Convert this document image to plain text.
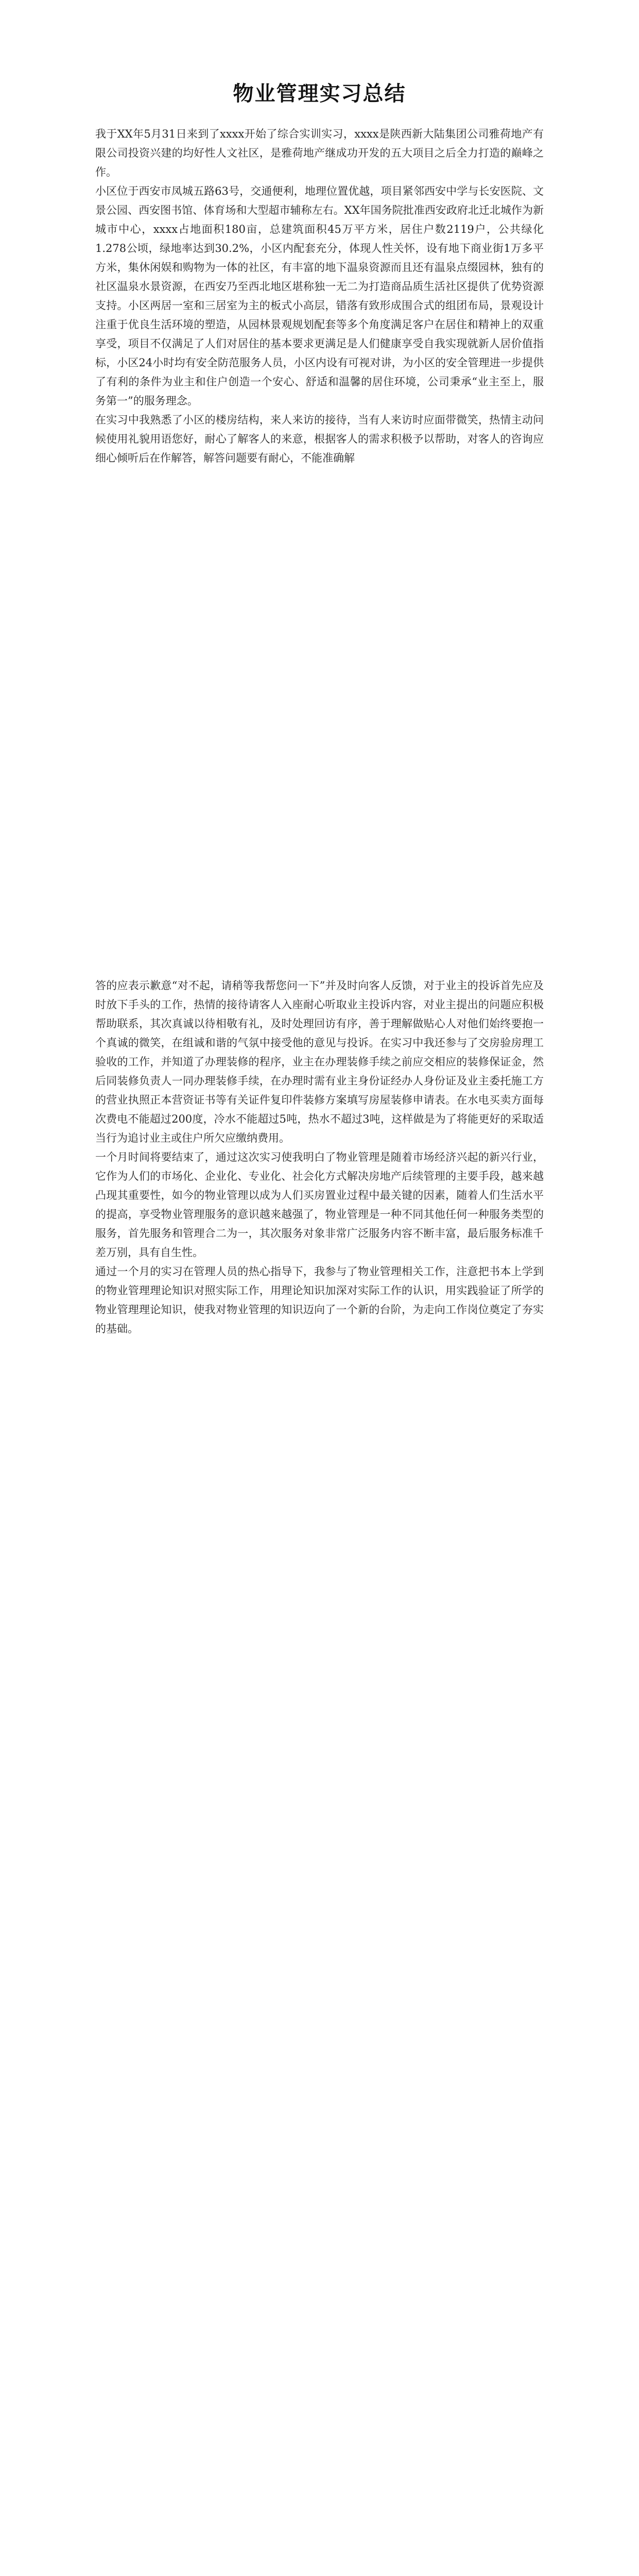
物业管理实习总结

我于XX年5月31日来到了xxxx开始了综合实训实习，xxxx是陕西新大陆集团公司雅荷地产有限公司投资兴建的均好性人文社区，是雅荷地产继成功开发的五大项目之后全力打造的巅峰之作。

小区位于西安市凤城五路63号，交通便利，地理位置优越，项目紧邻西安中学与长安医院、文景公园、西安图书馆、体育场和大型超市辅称左右。XX年国务院批准西安政府北迁北城作为新城市中心，xxxx占地面积180亩，总建筑面积45万平方米，居住户数2119户，公共绿化1.278公顷，绿地率达到30.2%，小区内配套充分，体现人性关怀，设有地下商业街1万多平方米，集休闲娱和购物为一体的社区，有丰富的地下温泉资源而且还有温泉点缀园林，独有的社区温泉水景资源，在西安乃至西北地区堪称独一无二为打造商品质生活社区提供了优势资源支持。小区两居一室和三居室为主的板式小高层，错落有致形成围合式的组团布局，景观设计注重于优良生活环境的塑造，从园林景观规划配套等多个角度满足客户在居住和精神上的双重享受，项目不仅满足了人们对居住的基本要求更满足是人们健康享受自我实现就新人居价值指标，小区24小时均有安全防范服务人员，小区内设有可视对讲，为小区的安全管理进一步提供了有利的条件为业主和住户创造一个安心、舒适和温馨的居住环境，公司秉承“业主至上，服务第一”的服务理念。

在实习中我熟悉了小区的楼房结构，来人来访的接待，当有人来访时应面带微笑，热情主动问候使用礼貌用语您好，耐心了解客人的来意，根据客人的需求积极予以帮助，对客人的咨询应细心倾听后在作解答，解答问题要有耐心，不能准确解

答的应表示歉意“对不起，请稍等我帮您问一下”并及时向客人反馈，对于业主的投诉首先应及时放下手头的工作，热情的接待请客人入座耐心听取业主投诉内容，对业主提出的问题应积极帮助联系，其次真诚以待相敬有礼，及时处理回访有序，善于理解做贴心人对他们始终要抱一个真诚的微笑，在组诚和谐的气氛中接受他的意见与投诉。在实习中我还参与了交房验房理工验收的工作，并知道了办理装修的程序，业主在办理装修手续之前应交相应的装修保证金，然后同装修负责人一同办理装修手续，在办理时需有业主身份证经办人身份证及业主委托施工方的营业执照正本营资证书等有关证件复印件装修方案填写房屋装修申请表。在水电买卖方面每次费电不能超过200度，冷水不能超过5吨，热水不超过3吨，这样做是为了将能更好的采取适当行为追讨业主或住户所欠应缴纳费用。

一个月时间将要结束了，通过这次实习使我明白了物业管理是随着市场经济兴起的新兴行业，它作为人们的市场化、企业化、专业化、社会化方式解决房地产后续管理的主要手段，越来越凸现其重要性，如今的物业管理以成为人们买房置业过程中最关键的因素，随着人们生活水平的提高，享受物业管理服务的意识越来越强了，物业管理是一种不同其他任何一种服务类型的服务，首先服务和管理合二为一，其次服务对象非常广泛服务内容不断丰富，最后服务标准千差万别，具有自生性。

通过一个月的实习在管理人员的热心指导下，我参与了物业管理相关工作，注意把书本上学到的物业管理理论知识对照实际工作，用理论知识加深对实际工作的认识，用实践验证了所学的物业管理理论知识，使我对物业管理的知识迈向了一个新的台阶，为走向工作岗位奠定了夯实的基础。
